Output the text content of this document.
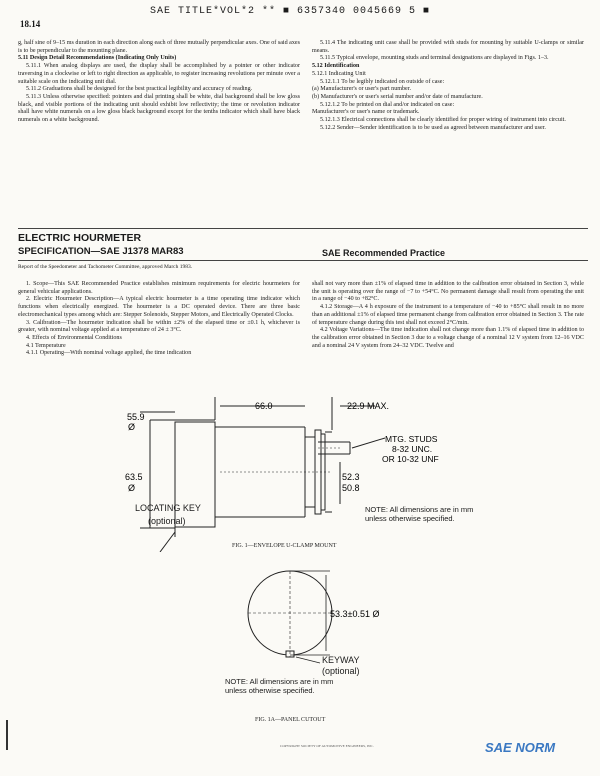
18.14
SAE TITLE*VOL*2 ** ■ 6357340 0045669 5 ■

g, half sine of 9–15 ms duration in each direction along each of three mutually perpendicular axes. One of said axes is to be perpendicular to the mounting plane.

5.11 Design Detail Recommendations (Indicating Only Units)

5.11.1 When analog displays are used, the display shall be accomplished by a pointer or other indicator traversing in a clockwise or left to right direction as applicable, to register increasing revolutions per minute over a suitable scale on the indicating unit dial.

5.11.2 Graduations shall be designed for the best practical legibility and accuracy of reading.

5.11.3 Unless otherwise specified: pointers and dial printing shall be white, dial background shall be low gloss black, and visible portions of the indicating unit should exhibit low reflectivity; the time or revolution indicator shall have white numerals on a low gloss black background except for the tenths indicator which shall have black numerals on a white background.

5.11.4 The indicating unit case shall be provided with studs for mounting by suitable U-clamps or similar means.

5.11.5 Typical envelope, mounting studs and terminal designations are displayed in Figs. 1–3.

5.12 Identification

5.12.1 Indicating Unit

5.12.1.1 To be legibly indicated on outside of case:

(a) Manufacturer's or user's part number.

(b) Manufacturer's or user's serial number and/or date of manufacture.

5.12.1.2 To be printed on dial and/or indicated on case:

Manufacturer's or user's name or trademark.

5.12.1.3 Electrical connections shall be clearly identified for proper wiring of instrument into circuit.

5.12.2 Sender—Sender identification is to be used as agreed between manufacturer and user.

ELECTRIC HOURMETER
SPECIFICATION—SAE J1378 MAR83	SAE Recommended Practice
Report of the Speedometer and Tachometer Committee, approved March 1983.

1. Scope—This SAE Recommended Practice establishes minimum requirements for electric hourmeters for general vehicular applications.

2. Electric Hourmeter Description—A typical electric hourmeter is a time operating time indicator which functions when electrically energized. The hourmeter is a DC operated device. There are three basic electromechanical types among which are: Stepper Solenoids, Stepper Motors, and Electrically Operated Clocks.

3. Calibration—The hourmeter indication shall be within ±2% of the elapsed time or ±0.1 h, whichever is greater, with nominal voltage applied at a temperature of 24 ± 3°C.

4. Effects of Environmental Conditions

4.1 Temperature

4.1.1 Operating—With nominal voltage applied, the time indication

shall not vary more than ±1% of elapsed time in addition to the calibration error obtained in Section 3, while the unit is operating over the range of −7 to +54°C. No permanent damage shall result from operating the unit in a range of −40 to +82°C.

4.1.2 Storage—A 4 h exposure of the instrument to a temperature of −40 to +85°C shall result in no more than an additional ±1% of elapsed time permanent change from calibration error obtained in Section 3. The rate of temperature change during this test shall not exceed 2°C/min.

4.2 Voltage Variations—The time indication shall not change more than 1.1% of elapsed time in addition to the calibration error obtained in Section 3 due to a voltage change of a nominal 12 V system from 12–16 VDC and a nominal 24 V system from 24–32 VDC. Twelve and

55.9
Ø
66.0	22.9 MAX.
63.5
Ø
MTG. STUDS
8-32 UNC.
OR 10-32 UNF
52.3
50.8
LOCATING KEY
(optional)
NOTE: All dimensions are in mm unless otherwise specified.
FIG. 1—ENVELOPE U-CLAMP MOUNT
53.3±0.51 Ø
KEYWAY
(optional)
NOTE: All dimensions are in mm unless otherwise specified.
FIG. 1A—PANEL CUTOUT
COPYRIGHT SOCIETY OF AUTOMOTIVE ENGINEERS, INC.	SAE NORM
